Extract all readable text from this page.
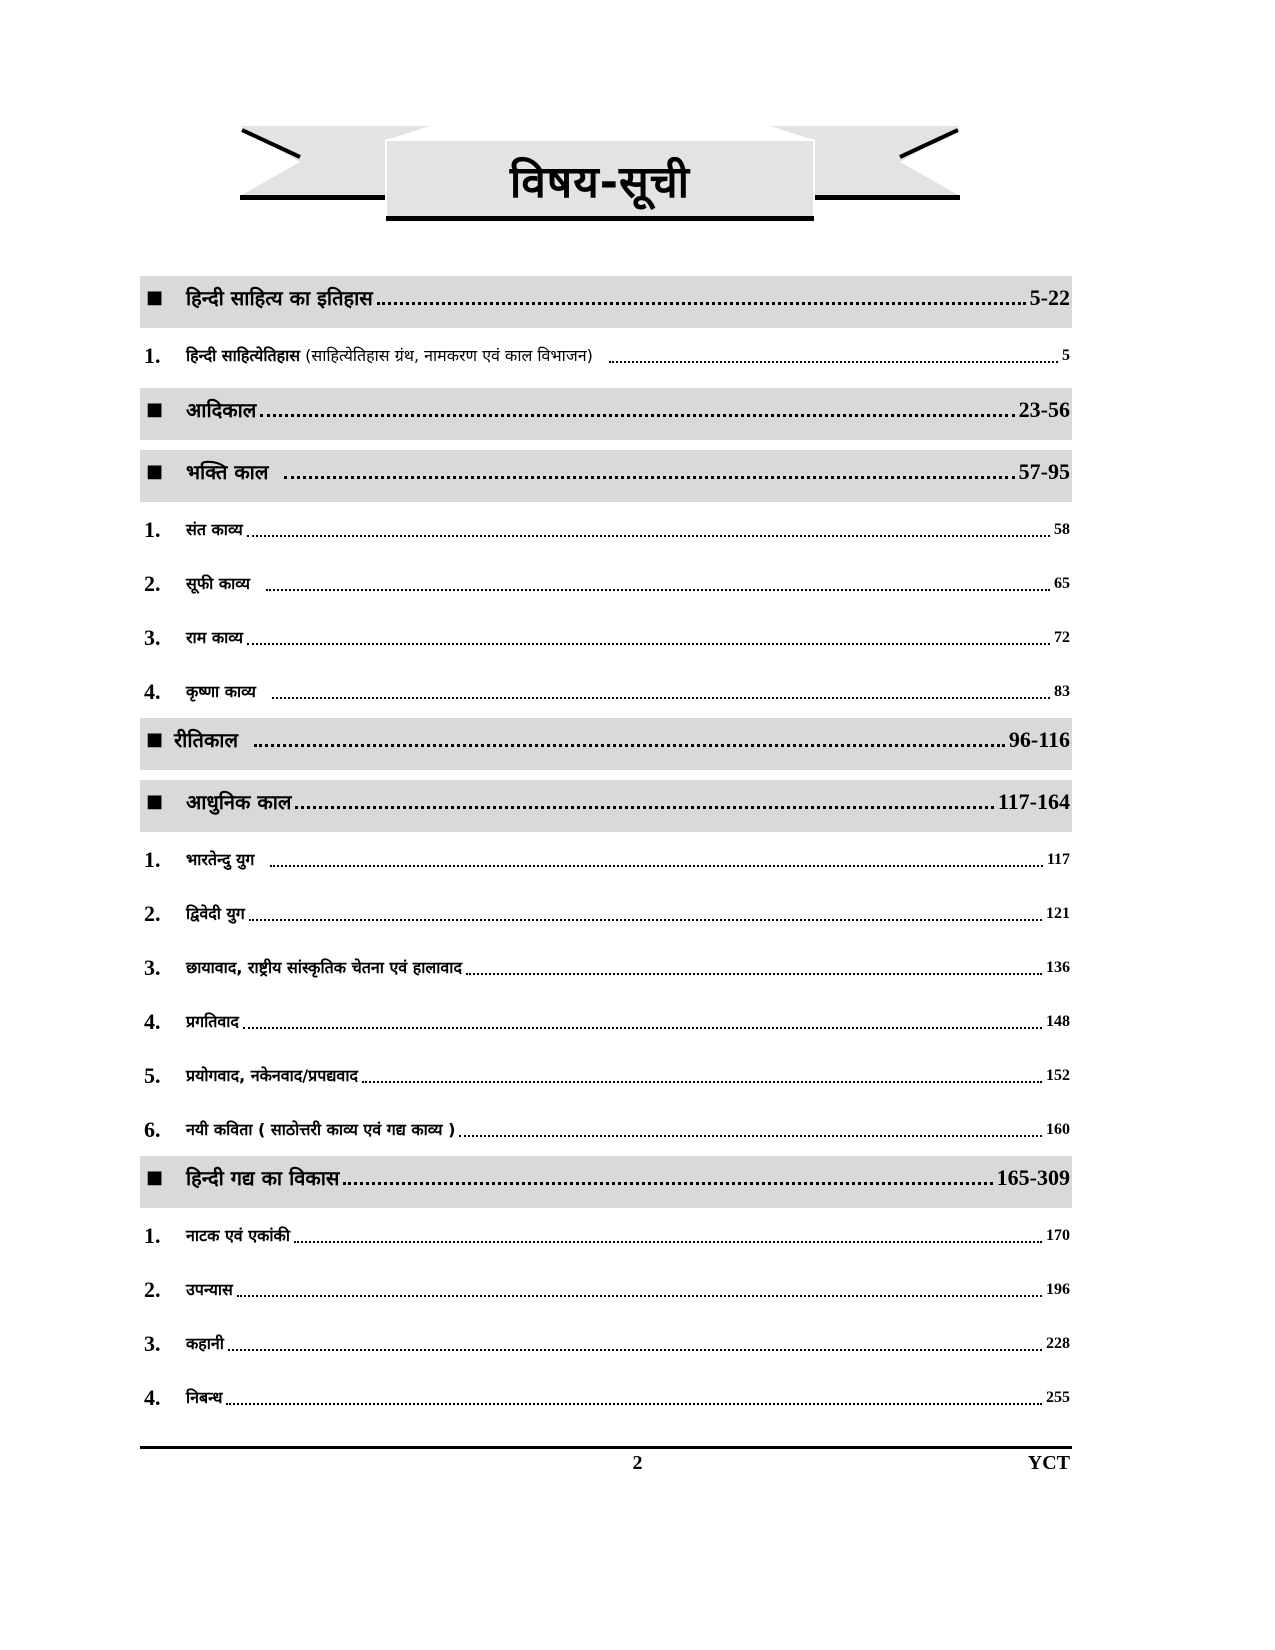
विषय-सूची
■	हिन्दी साहित्य का इतिहास	5-22
1.	हिन्दी साहित्येतिहास (साहित्येतिहास ग्रंथ, नामकरण एवं काल विभाजन)	5
■	आदिकाल	23-56
■	भक्ति काल	57-95
1.	संत काव्य	58
2.	सूफी काव्य	65
3.	राम काव्य	72
4.	कृष्णा काव्य	83
■ रीतिकाल	96-116
■	आधुनिक काल	117-164
1.	भारतेन्दु युग	117
2.	द्विवेदी युग	121
3.	छायावाद, राष्ट्रीय सांस्कृतिक चेतना एवं हालावाद	136
4.	प्रगतिवाद	148
5.	प्रयोगवाद, नकेनवाद/प्रपद्यवाद	152
6.	नयी कविता ( साठोत्तरी काव्य एवं गद्य काव्य )	160
■	हिन्दी गद्य का विकास	165-309
1.	नाटक एवं एकांकी	170
2.	उपन्यास	196
3.	कहानी	228
4.	निबन्ध	255
2	YCT
